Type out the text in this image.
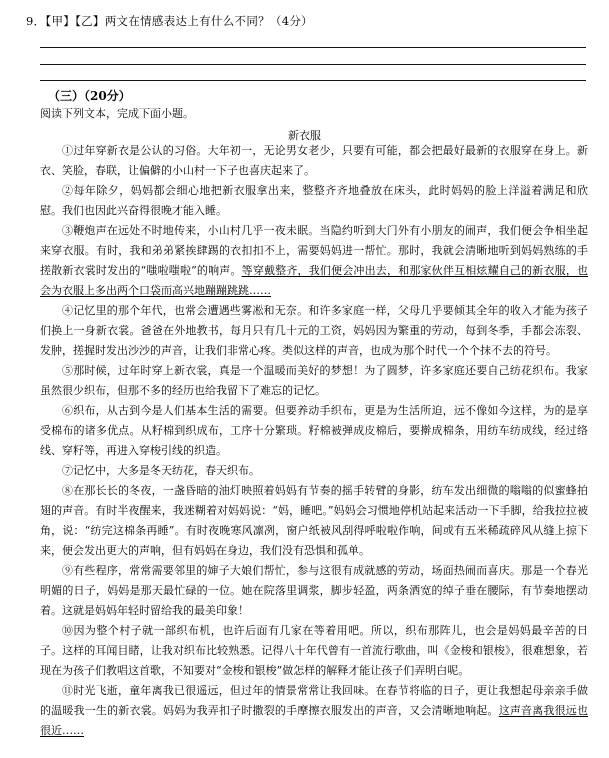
9．【甲】【乙】两文在情感表达上有什么不同？（4分）
（三）（20分）
阅读下列文本，完成下面小题。
新衣服

①过年穿新衣是公认的习俗。大年初一，无论男女老少，只要有可能，都会把最好最新的衣服穿在身上。新衣、笑脸，春联，让偏僻的小山村一下子也喜庆起来了。

②每年除夕，妈妈都会细心地把新衣服拿出来，整整齐齐地叠放在床头，此时妈妈的脸上洋溢着满足和欣慰。我们也因此兴奋得很晚才能入睡。

③鞭炮声在远处不时地传来，小山村几乎一夜未眠。当隐约听到大门外有小朋友的闹声，我们便会争相坐起来穿衣服。有时，我和弟弟紧挨肆踢的衣扣扣不上，需要妈妈进一帮忙。那时，我就会清晰地听到妈妈熟练的手搓散新衣裳时发出的“嗤啦嗤啦”的响声。等穿戴整齐，我们便会冲出去，和那家伙伴互相炫耀自己的新衣服，也会为衣服上多出两个口袋而高兴地蹦蹦跳跳……

④记忆里的那个年代，也常会遭遇些雾凇和无奈。和许多家庭一样，父母几乎要倾其全年的收入才能为孩子们换上一身新衣裳。爸爸在外地教书，每月只有几十元的工资，妈妈因为繁重的劳动，每到冬季，手都会冻裂、发肿，搓握时发出沙沙的声音，让我们非常心疼。类似这样的声音，也成为那个时代一个个抹不去的符号。

⑤那时候，过年时穿上新衣裳，真是一个温暖而美好的梦想！为了圆梦，许多家庭还要自己纺花织布。我家虽然很少织布，但那不多的经历也给我留下了难忘的记忆。

⑥织布，从古到今是人们基本生活的需要。但要养动手织布，更是为生活所迫，远不像如今这样，为的是享受棉布的诸多优点。从籽棉到织成布，工序十分繁琐。籽棉被弹成皮棉后，要擀成棉条，用纺车纺成线，经过络线、穿籽等，再进入穿梭引线的织造。

⑦记忆中，大多是冬天纺花，春天织布。

⑧在那长长的冬夜，一盏昏暗的油灯映照着妈妈有节奏的摇手转臂的身影，纺车发出细微的嗡嗡的似蜜蜂拍翅的声音。有时半夜醒来，我迷糊着对妈妈说：“妈，睡吧。”妈妈会习惯地停机站起来活动一下手脚，给我拉拉被角，说：“纺完这棉条再睡”。有时夜晚寒风凛冽，窗户纸被风刮得呼啦啦作响，间或有五米稀疏碎风从缝上掠下来，便会发出更大的声响，但有妈妈在身边，我们没有恐惧和孤单。

⑨有些程序，常常需要邻里的婶子大娘们帮忙，参与这很有成就感的劳动，场面热闹而喜庆。那是一个春光明媚的日子，妈妈是那天最忙碌的一位。她在院落里调浆，脚步轻盈，两条洒宽的绰子垂在腰际，有节奏地摆动着。这就是妈妈年轻时留给我的最美印象！

⑩因为整个村子就一部织布机，也许后面有几家在等着用吧。所以，织布那阵儿，也会是妈妈最辛苦的日子。这样的耳闻目睹，让我对织布比较熟悉。记得八十年代曾有一首流行歌曲，叫《金梭和银梭》，很难想象，若现在为孩子们教唱这首歌，不知要对“金梭和银梭”做怎样的解释才能让孩子们弄明白呢。

⑪时光飞逝，童年离我已很遥远，但过年的情景常常让我回味。在春节将临的日子，更让我想起母亲亲手做的温暖我一生的新衣裳。妈妈为我弄扣子时撒裂的手摩擦衣服发出的声音，又会清晰地响起。这声音离我很远也很近……
